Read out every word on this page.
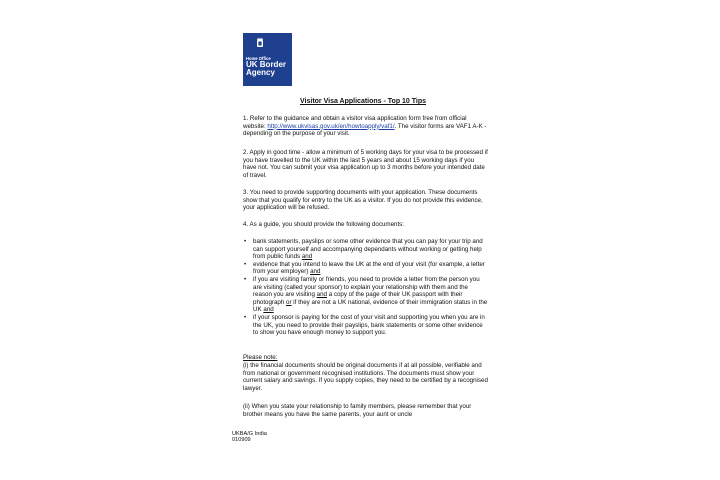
Home Office
UK Border
Agency
Visitor Visa Applications - Top 10 Tips
1. Refer to the guidance and obtain a visitor visa application form free from official website: http://www.ukvisas.gov.uk/en/howtoapply/vaf1/. The visitor forms are VAF1 A-K - depending on the purpose of your visit.
2. Apply in good time - allow a minimum of 5 working days for your visa to be processed if you have travelled to the UK within the last 5 years and about 15 working days if you have not. You can submit your visa application up to 3 months before your intended date of travel.
3. You need to provide supporting documents with your application. These documents show that you qualify for entry to the UK as a visitor. If you do not provide this evidence, your application will be refused.
4. As a guide, you should provide the following documents:
• bank statements, payslips or some other evidence that you can pay for your trip and can support yourself and accompanying dependants without working or getting help from public funds and
• evidence that you intend to leave the UK at the end of your visit (for example, a letter from your employer) and
• if you are visiting family or friends, you need to provide a letter from the person you are visiting (called your sponsor) to explain your relationship with them and the reason you are visiting and a copy of the page of their UK passport with their photograph or if they are not a UK national, evidence of their immigration status in the UK and
• if your sponsor is paying for the cost of your visit and supporting you when you are in the UK, you need to provide their payslips, bank statements or some other evidence to show you have enough money to support you.
Please note:
(i) the financial documents should be original documents if at all possible, verifiable and from national or government recognised institutions. The documents must show your current salary and savings. If you supply copies, they need to be certified by a recognised lawyer.
(ii) When you state your relationship to family members, please remember that your brother means you have the same parents, your aunt or uncle
UKBA/G India
010909
